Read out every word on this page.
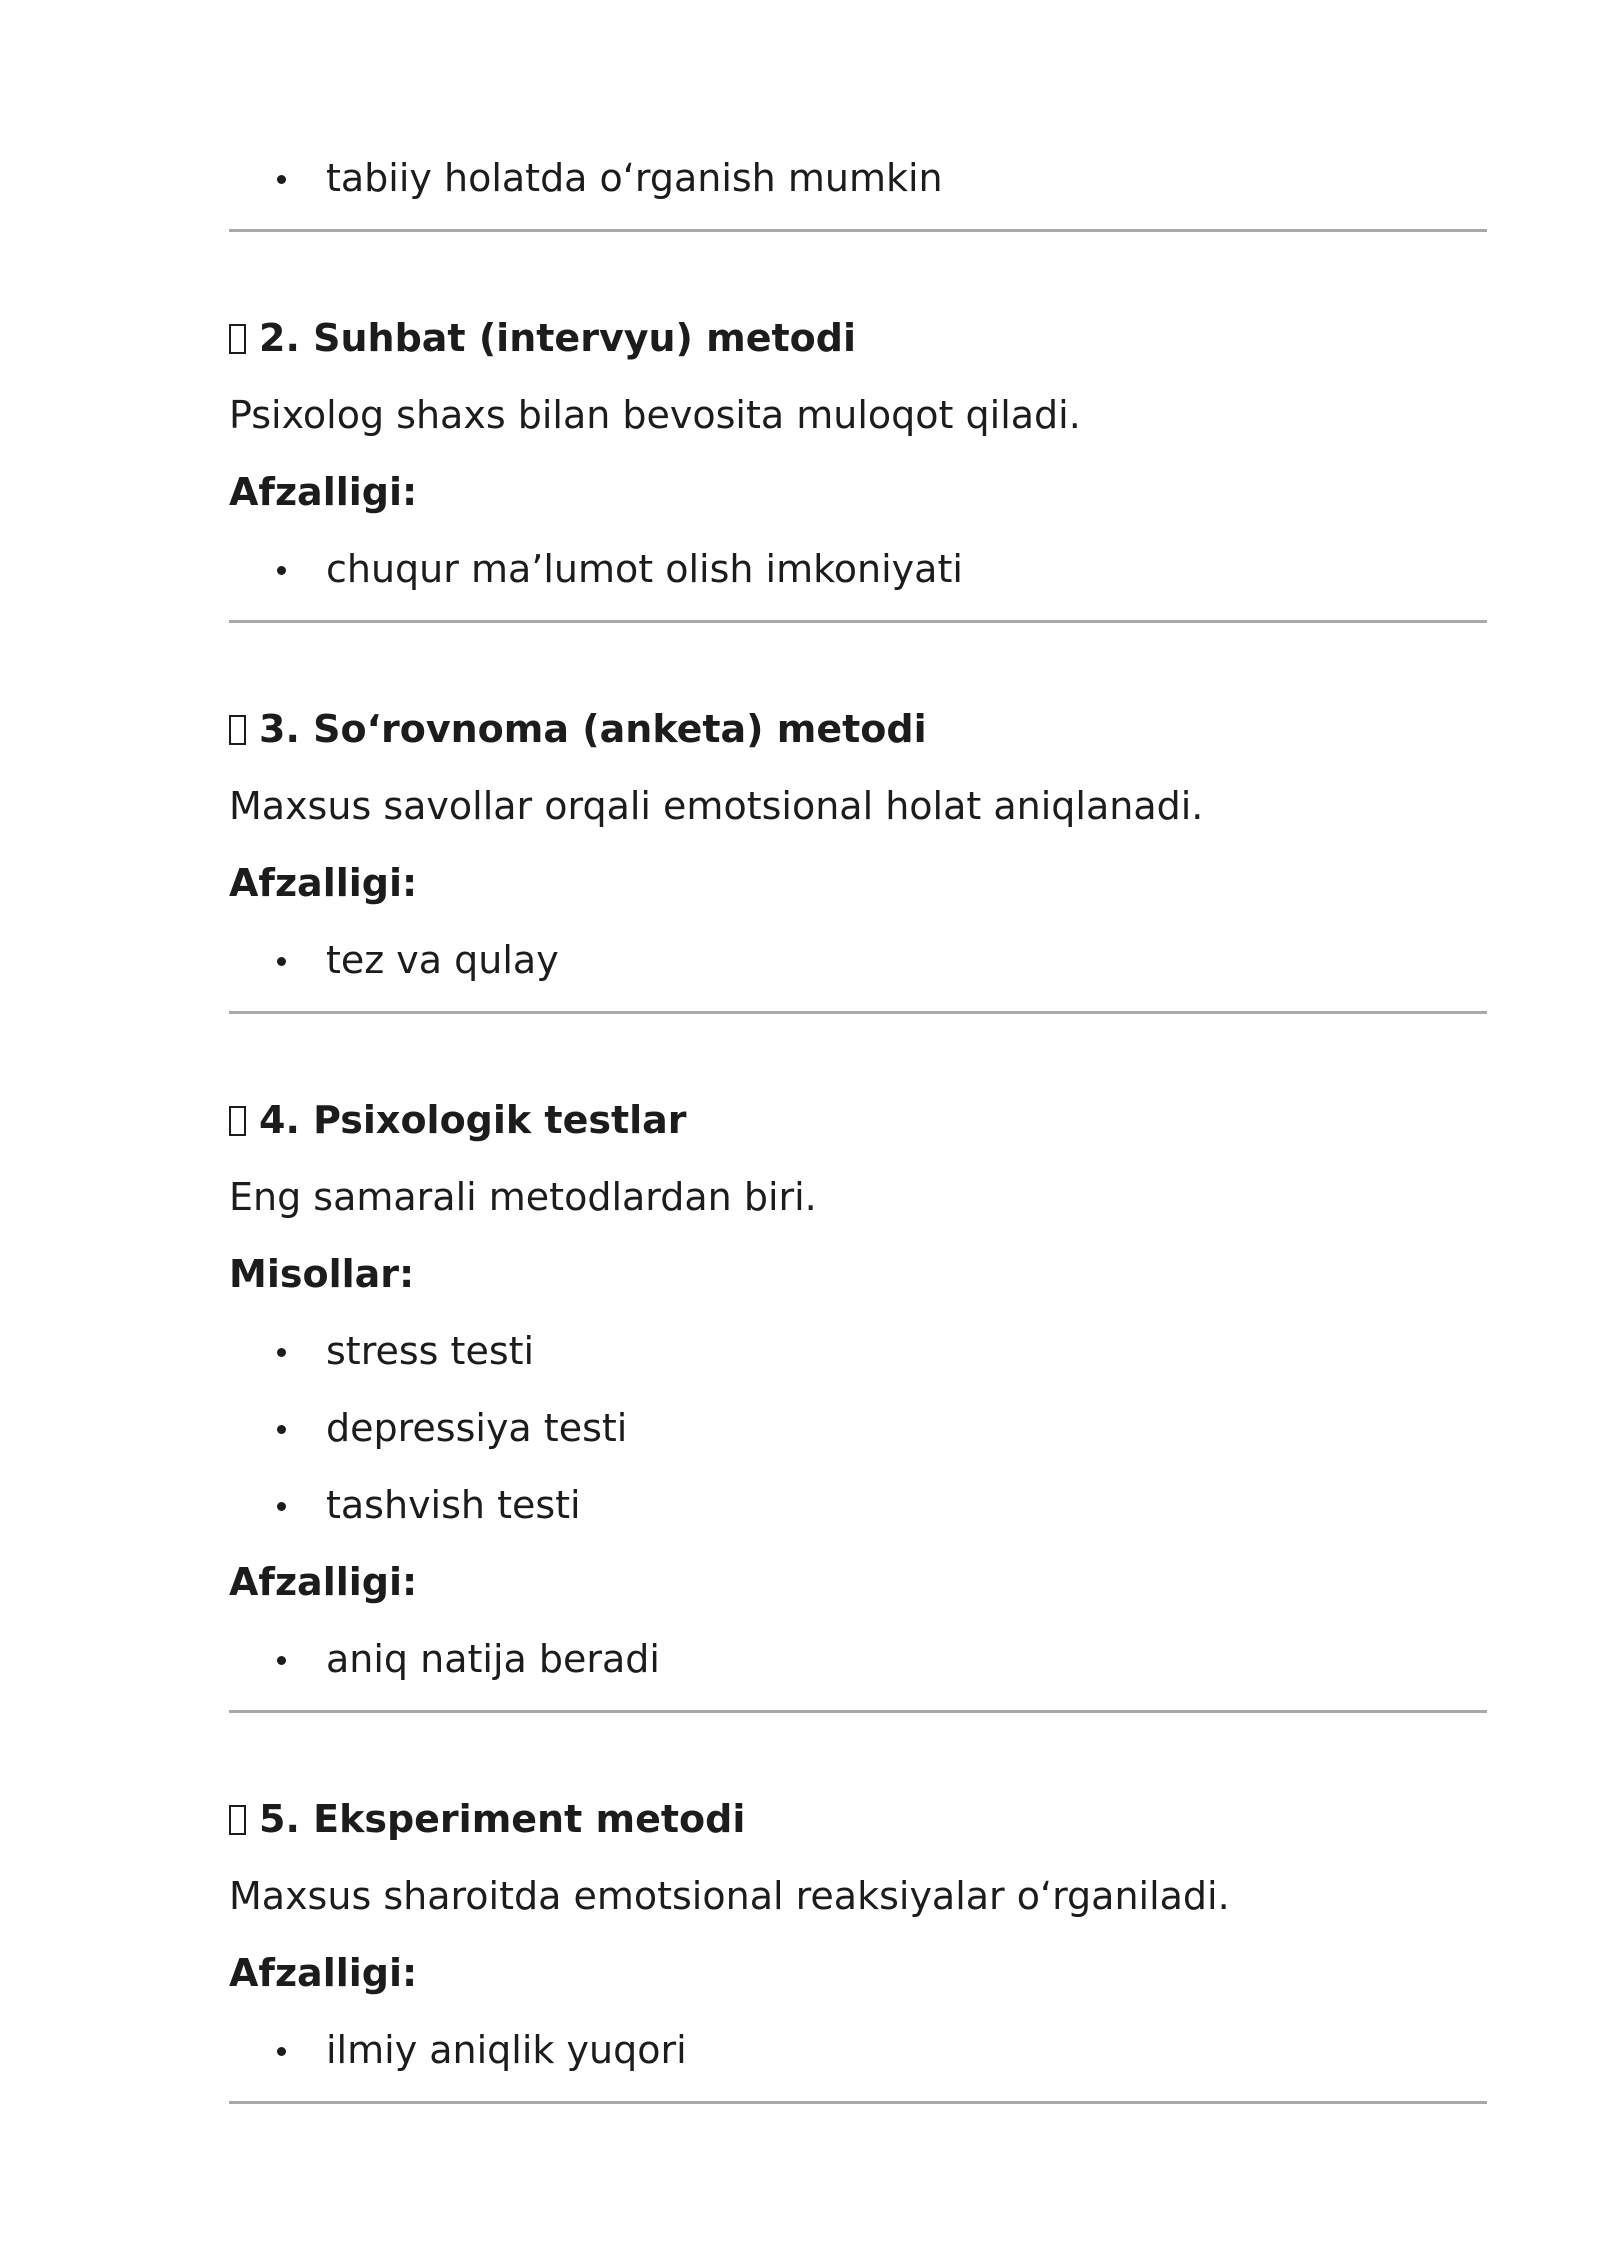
tabiiy holatda o‘rganish mumkin
2. Suhbat (intervyu) metodi
Psixolog shaxs bilan bevosita muloqot qiladi.
Afzalligi:
chuqur ma’lumot olish imkoniyati
3. So‘rovnoma (anketa) metodi
Maxsus savollar orqali emotsional holat aniqlanadi.
Afzalligi:
tez va qulay
4. Psixologik testlar
Eng samarali metodlardan biri.
Misollar:
stress testi
depressiya testi
tashvish testi
Afzalligi:
aniq natija beradi
5. Eksperiment metodi
Maxsus sharoitda emotsional reaksiyalar o‘rganiladi.
Afzalligi:
ilmiy aniqlik yuqori
